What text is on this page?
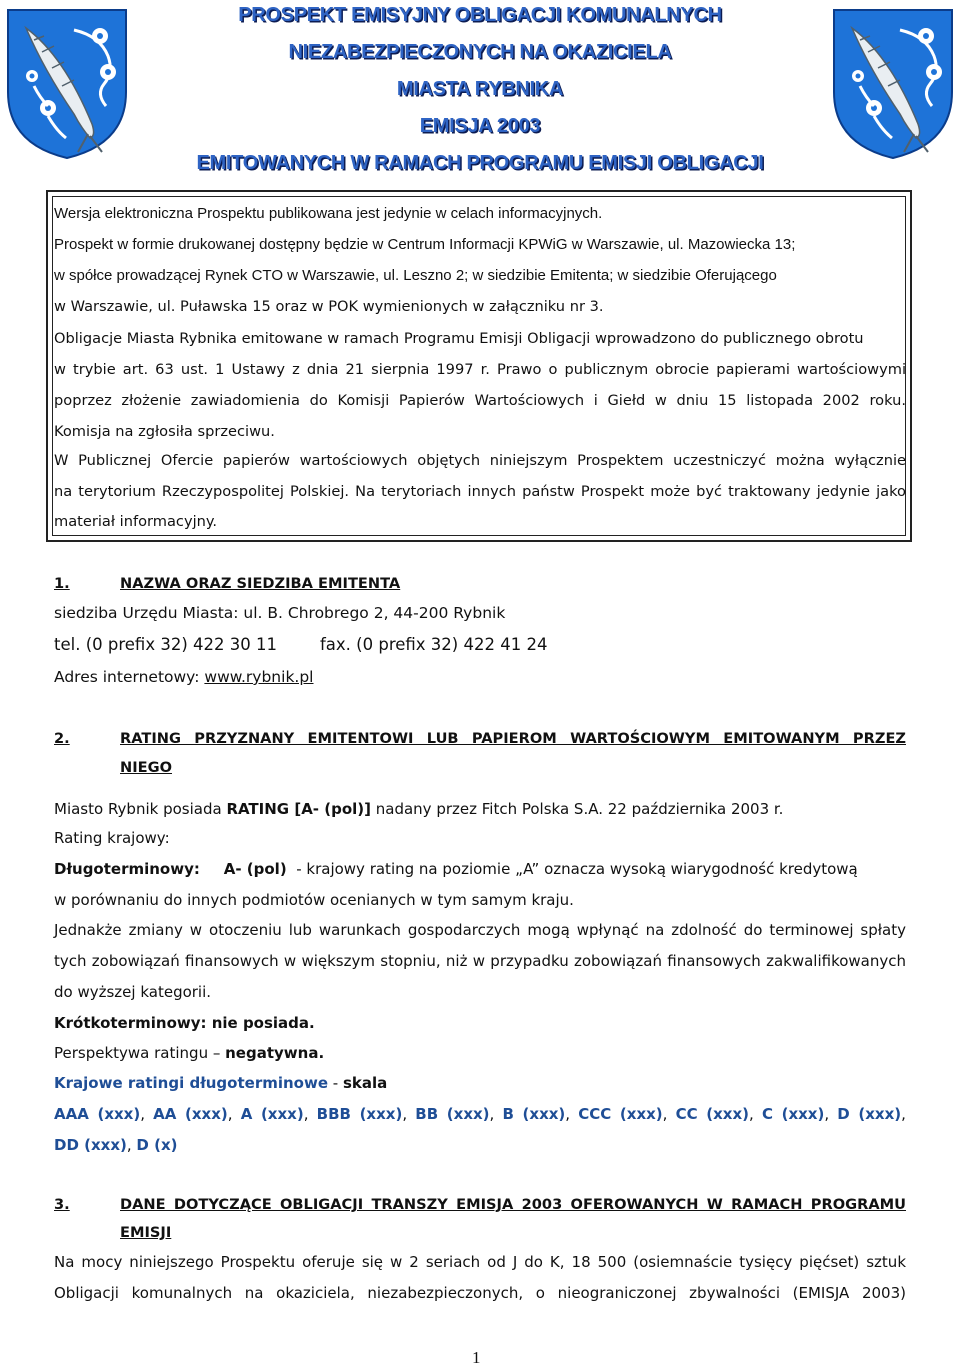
PROSPEKT EMISYJNY OBLIGACJI KOMUNALNYCH
NIEZABEZPIECZONYCH NA OKAZICIELA
MIASTA RYBNIKA
EMISJA 2003
EMITOWANYCH W RAMACH PROGRAMU EMISJI OBLIGACJI
Wersja elektroniczna Prospektu publikowana jest jedynie w celach informacyjnych.
Prospekt w formie drukowanej dostępny będzie w Centrum Informacji KPWiG w Warszawie, ul. Mazowiecka 13;
w spółce prowadzącej Rynek CTO w Warszawie, ul. Leszno 2; w siedzibie Emitenta; w siedzibie Oferującego
w Warszawie, ul. Puławska 15 oraz w POK wymienionych w załączniku nr 3.
Obligacje Miasta Rybnika emitowane w ramach Programu Emisji Obligacji wprowadzono do publicznego obrotu
w trybie art. 63 ust. 1 Ustawy z dnia 21 sierpnia 1997 r. Prawo o publicznym obrocie papierami wartościowymi
poprzez złożenie zawiadomienia do Komisji Papierów Wartościowych i Giełd w dniu 15 listopada 2002 roku.
Komisja na zgłosiła sprzeciwu.
W Publicznej Ofercie papierów wartościowych objętych niniejszym Prospektem uczestniczyć można wyłącznie
na terytorium Rzeczypospolitej Polskiej. Na terytoriach innych państw Prospekt może być traktowany jedynie jako
materiał informacyjny.
1.	NAZWA ORAZ SIEDZIBA EMITENTA
siedziba Urzędu Miasta: ul. B. Chrobrego 2, 44-200 Rybnik
tel. (0 prefix 32) 422 30 11	fax. (0 prefix 32) 422 41 24
Adres internetowy: www.rybnik.pl
2.	RATING PRZYZNANY EMITENTOWI LUB PAPIEROM WARTOŚCIOWYM EMITOWANYM PRZEZ
NIEGO
Miasto Rybnik posiada RATING [A- (pol)] nadany przez Fitch Polska S.A. 22 października 2003 r.
Rating krajowy:
Długoterminowy: A- (pol) - krajowy rating na poziomie „A” oznacza wysoką wiarygodność kredytową
w porównaniu do innych podmiotów ocenianych w tym samym kraju.
Jednakże zmiany w otoczeniu lub warunkach gospodarczych mogą wpłynąć na zdolność do terminowej spłaty
tych zobowiązań finansowych w większym stopniu, niż w przypadku zobowiązań finansowych zakwalifikowanych
do wyższej kategorii.
Krótkoterminowy: nie posiada.
Perspektywa ratingu – negatywna.
Krajowe ratingi długoterminowe - skala
AAA (xxx), AA (xxx), A (xxx), BBB (xxx), BB (xxx), B (xxx), CCC (xxx), CC (xxx), C (xxx), D (xxx),
DD (xxx), D (x)
3.	DANE DOTYCZĄCE OBLIGACJI TRANSZY EMISJA 2003 OFEROWANYCH W RAMACH PROGRAMU
EMISJI
Na mocy niniejszego Prospektu oferuje się w 2 seriach od J do K, 18 500 (osiemnaście tysięcy pięćset) sztuk
Obligacji komunalnych na okaziciela, niezabezpieczonych, o nieograniczonej zbywalności (EMISJA 2003)
1
